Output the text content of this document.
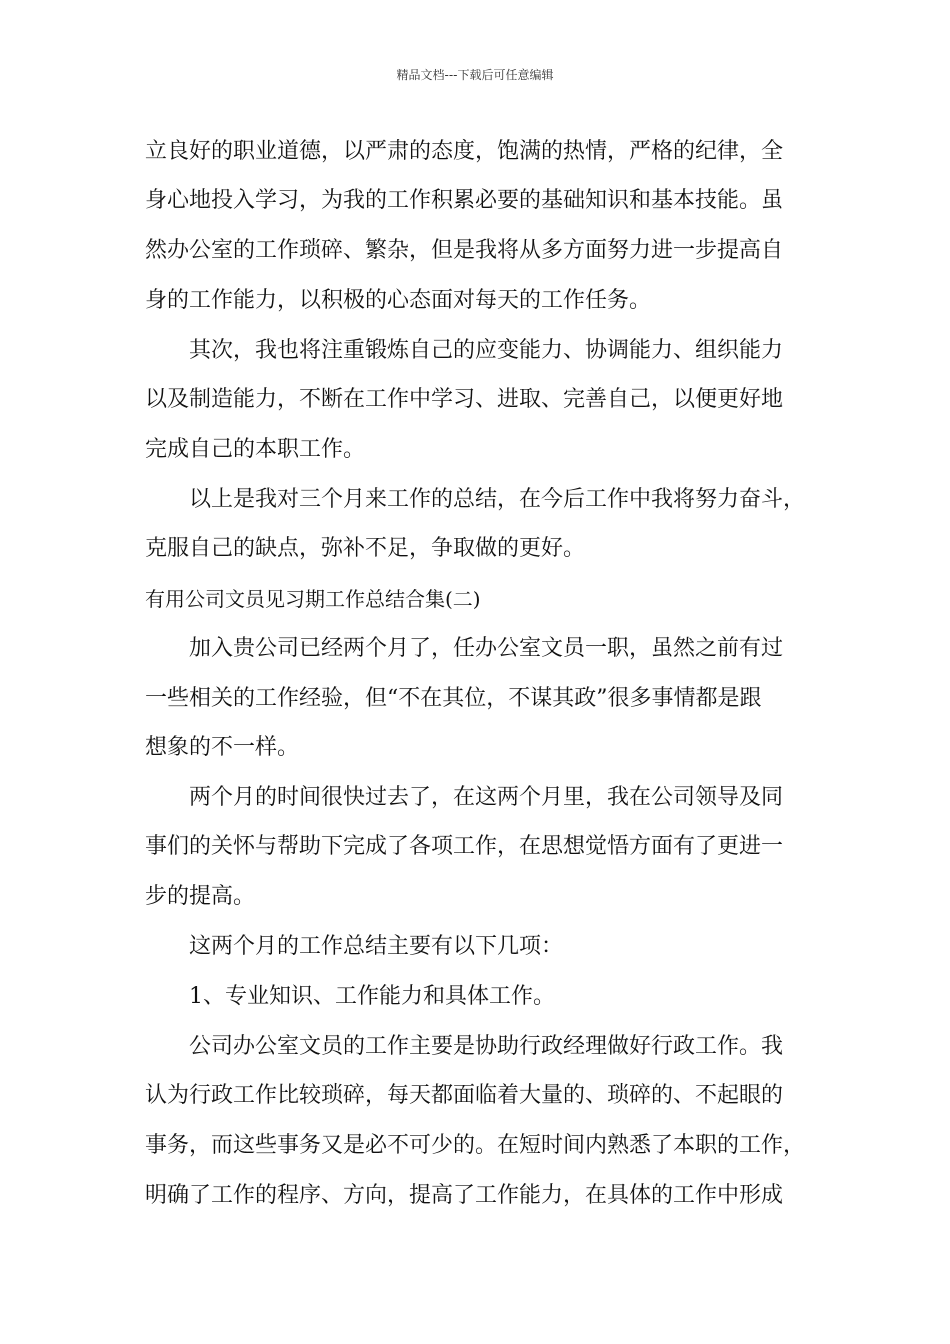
精品文档---下载后可任意编辑
立良好的职业道德，以严肃的态度，饱满的热情，严格的纪律，全
身心地投入学习，为我的工作积累必要的基础知识和基本技能。虽
然办公室的工作琐碎、繁杂，但是我将从多方面努力进一步提高自
身的工作能力，以积极的心态面对每天的工作任务。
　　其次，我也将注重锻炼自己的应变能力、协调能力、组织能力
以及制造能力，不断在工作中学习、进取、完善自己，以便更好地
完成自己的本职工作。
　　以上是我对三个月来工作的总结，在今后工作中我将努力奋斗，
克服自己的缺点，弥补不足，争取做的更好。
有用公司文员见习期工作总结合集(二)
　　加入贵公司已经两个月了，任办公室文员一职，虽然之前有过
一些相关的工作经验，但“不在其位，不谋其政”很多事情都是跟
想象的不一样。
　　两个月的时间很快过去了，在这两个月里，我在公司领导及同
事们的关怀与帮助下完成了各项工作，在思想觉悟方面有了更进一
步的提高。
　　这两个月的工作总结主要有以下几项：
　　1、专业知识、工作能力和具体工作。
　　公司办公室文员的工作主要是协助行政经理做好行政工作。我
认为行政工作比较琐碎，每天都面临着大量的、琐碎的、不起眼的
事务，而这些事务又是必不可少的。在短时间内熟悉了本职的工作，
明确了工作的程序、方向，提高了工作能力，在具体的工作中形成
